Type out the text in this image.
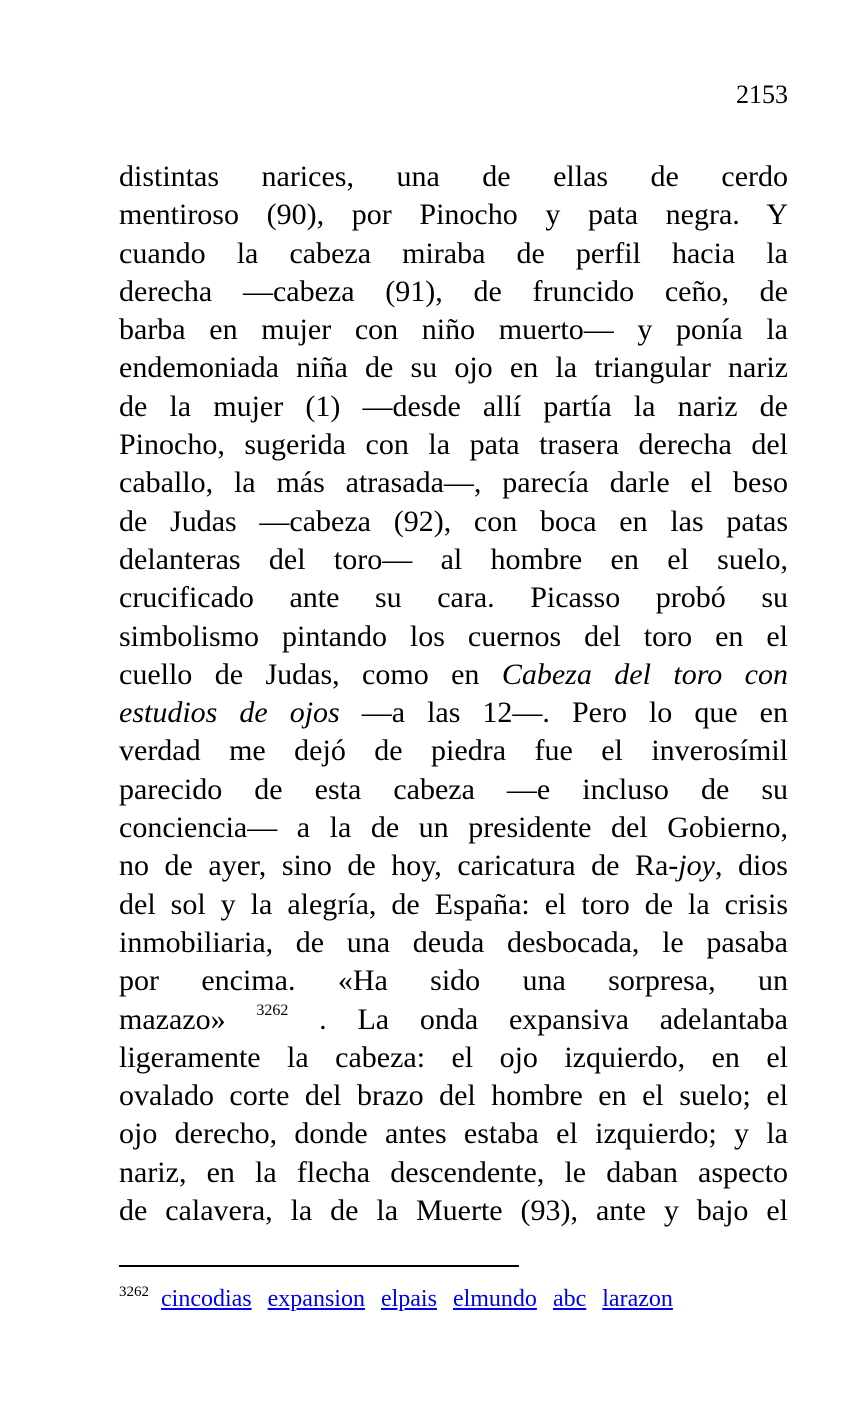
2153
distintas narices, una de ellas de cerdo
mentiroso (90), por Pinocho y pata negra. Y
cuando la cabeza miraba de perfil hacia la
derecha —cabeza (91), de fruncido ceño, de
barba en mujer con niño muerto— y ponía la
endemoniada niña de su ojo en la triangular nariz
de la mujer (1) —desde allí partía la nariz de
Pinocho, sugerida con la pata trasera derecha del
caballo, la más atrasada—, parecía darle el beso
de Judas —cabeza (92), con boca en las patas
delanteras del toro— al hombre en el suelo,
crucificado ante su cara. Picasso probó su
simbolismo pintando los cuernos del toro en el
cuello de Judas, como en Cabeza del toro con
estudios de ojos —a las 12—. Pero lo que en
verdad me dejó de piedra fue el inverosímil
parecido de esta cabeza —e incluso de su
conciencia— a la de un presidente del Gobierno,
no de ayer, sino de hoy, caricatura de Ra-joy, dios
del sol y la alegría, de España: el toro de la crisis
inmobiliaria, de una deuda desbocada, le pasaba
por encima. «Ha sido una sorpresa, un
mazazo» $^{3262}$ . La onda expansiva adelantaba
ligeramente la cabeza: el ojo izquierdo, en el
ovalado corte del brazo del hombre en el suelo; el
ojo derecho, donde antes estaba el izquierdo; y la
nariz, en la flecha descendente, le daban aspecto
de calavera, la de la Muerte (93), ante y bajo el
$^{3262}$ cincodias expansion elpais elmundo abc larazon
